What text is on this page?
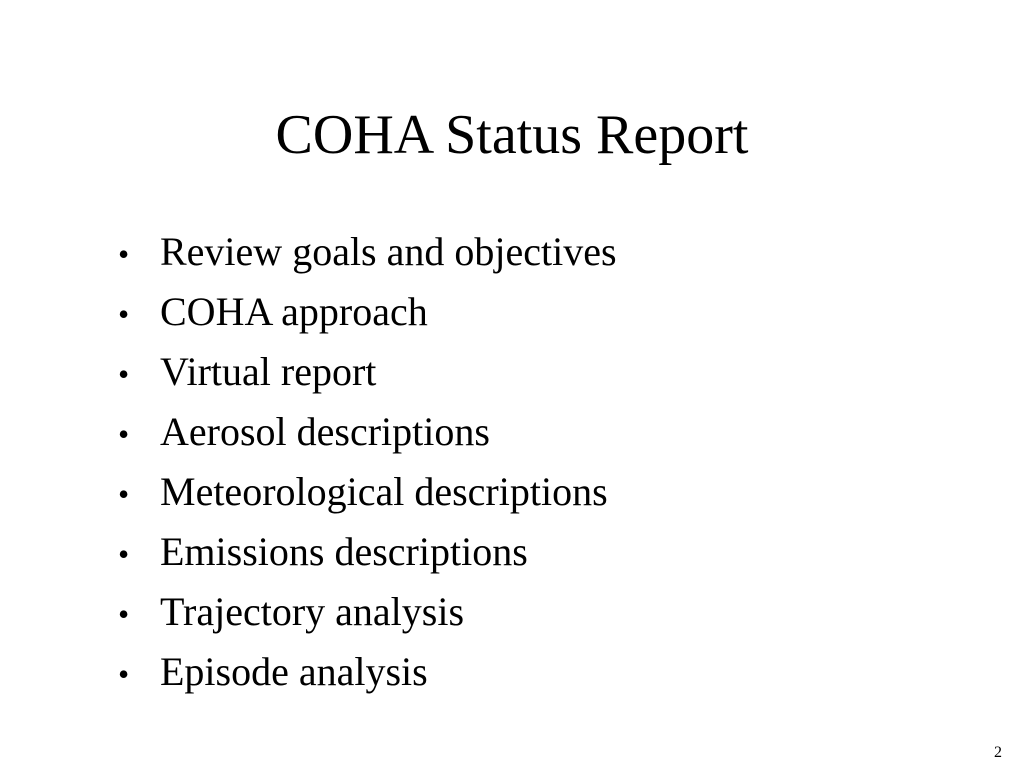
COHA Status Report
• Review goals and objectives
• COHA approach
• Virtual report
• Aerosol descriptions
• Meteorological descriptions
• Emissions descriptions
• Trajectory analysis
• Episode analysis
2
